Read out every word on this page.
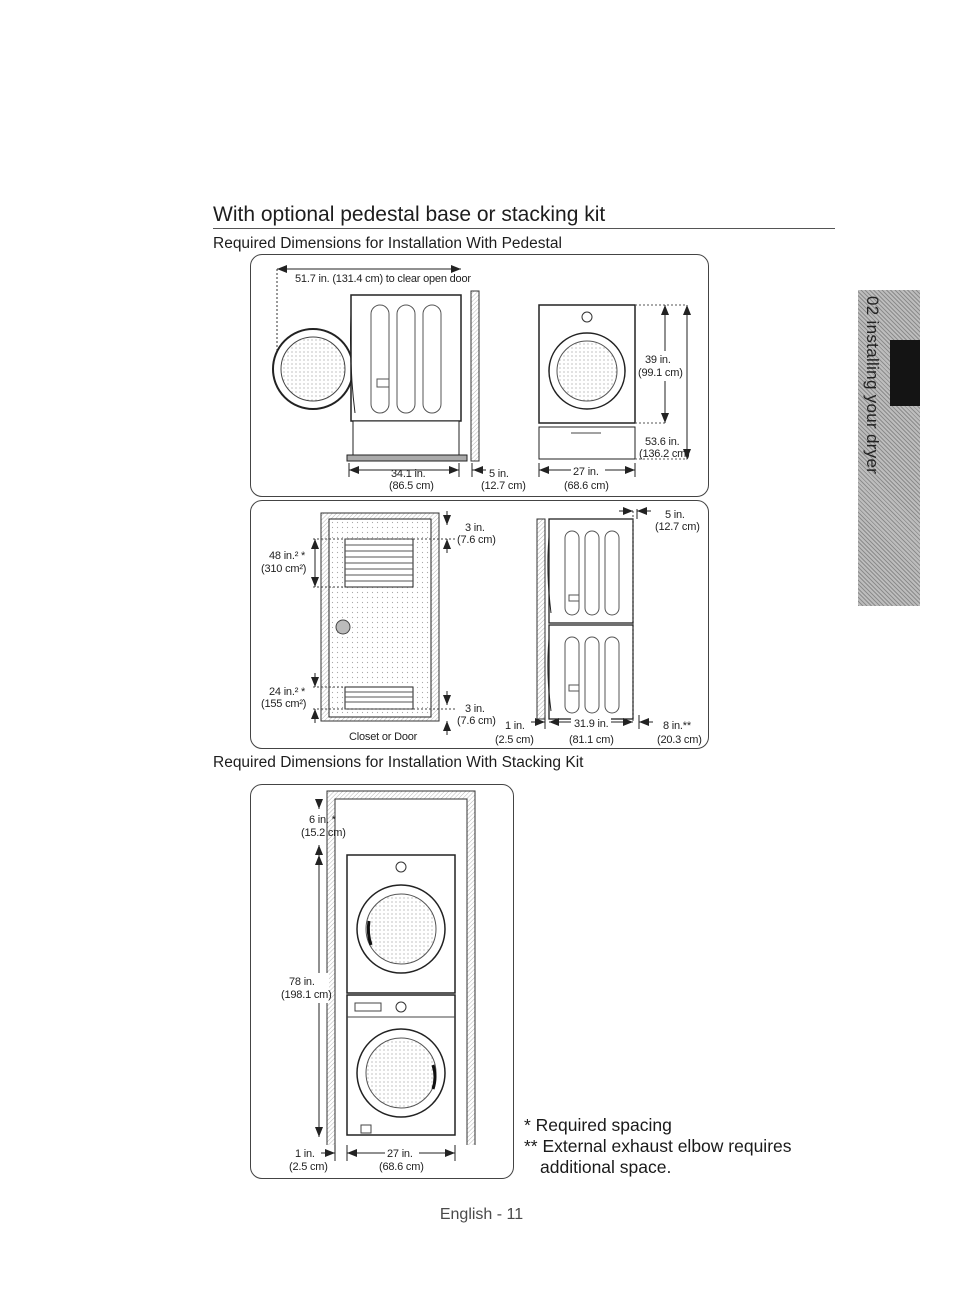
02 installing your dryer
With optional pedestal base or stacking kit
Required Dimensions for Installation With Pedestal
51.7 in. (131.4 cm) to clear open door
34.1 in.
(86.5 cm)
5 in.
(12.7 cm)
39 in.
(99.1 cm)
53.6 in.
(136.2 cm)
27 in.
(68.6 cm)
48 in.² *
(310 cm²)
24 in.² *
(155 cm²)
3 in.
(7.6 cm)
3 in.
(7.6 cm)
Closet or Door
5 in.
(12.7 cm)
1 in.
(2.5 cm)
31.9 in.
(81.1 cm)
8 in.**
(20.3 cm)
Required Dimensions for Installation With Stacking Kit
6 in. *
(15.2 cm)
78 in.
(198.1 cm)
1 in.
(2.5 cm)
27 in.
(68.6 cm)
* Required spacing
** External exhaust elbow requires
additional space.
English - 11
